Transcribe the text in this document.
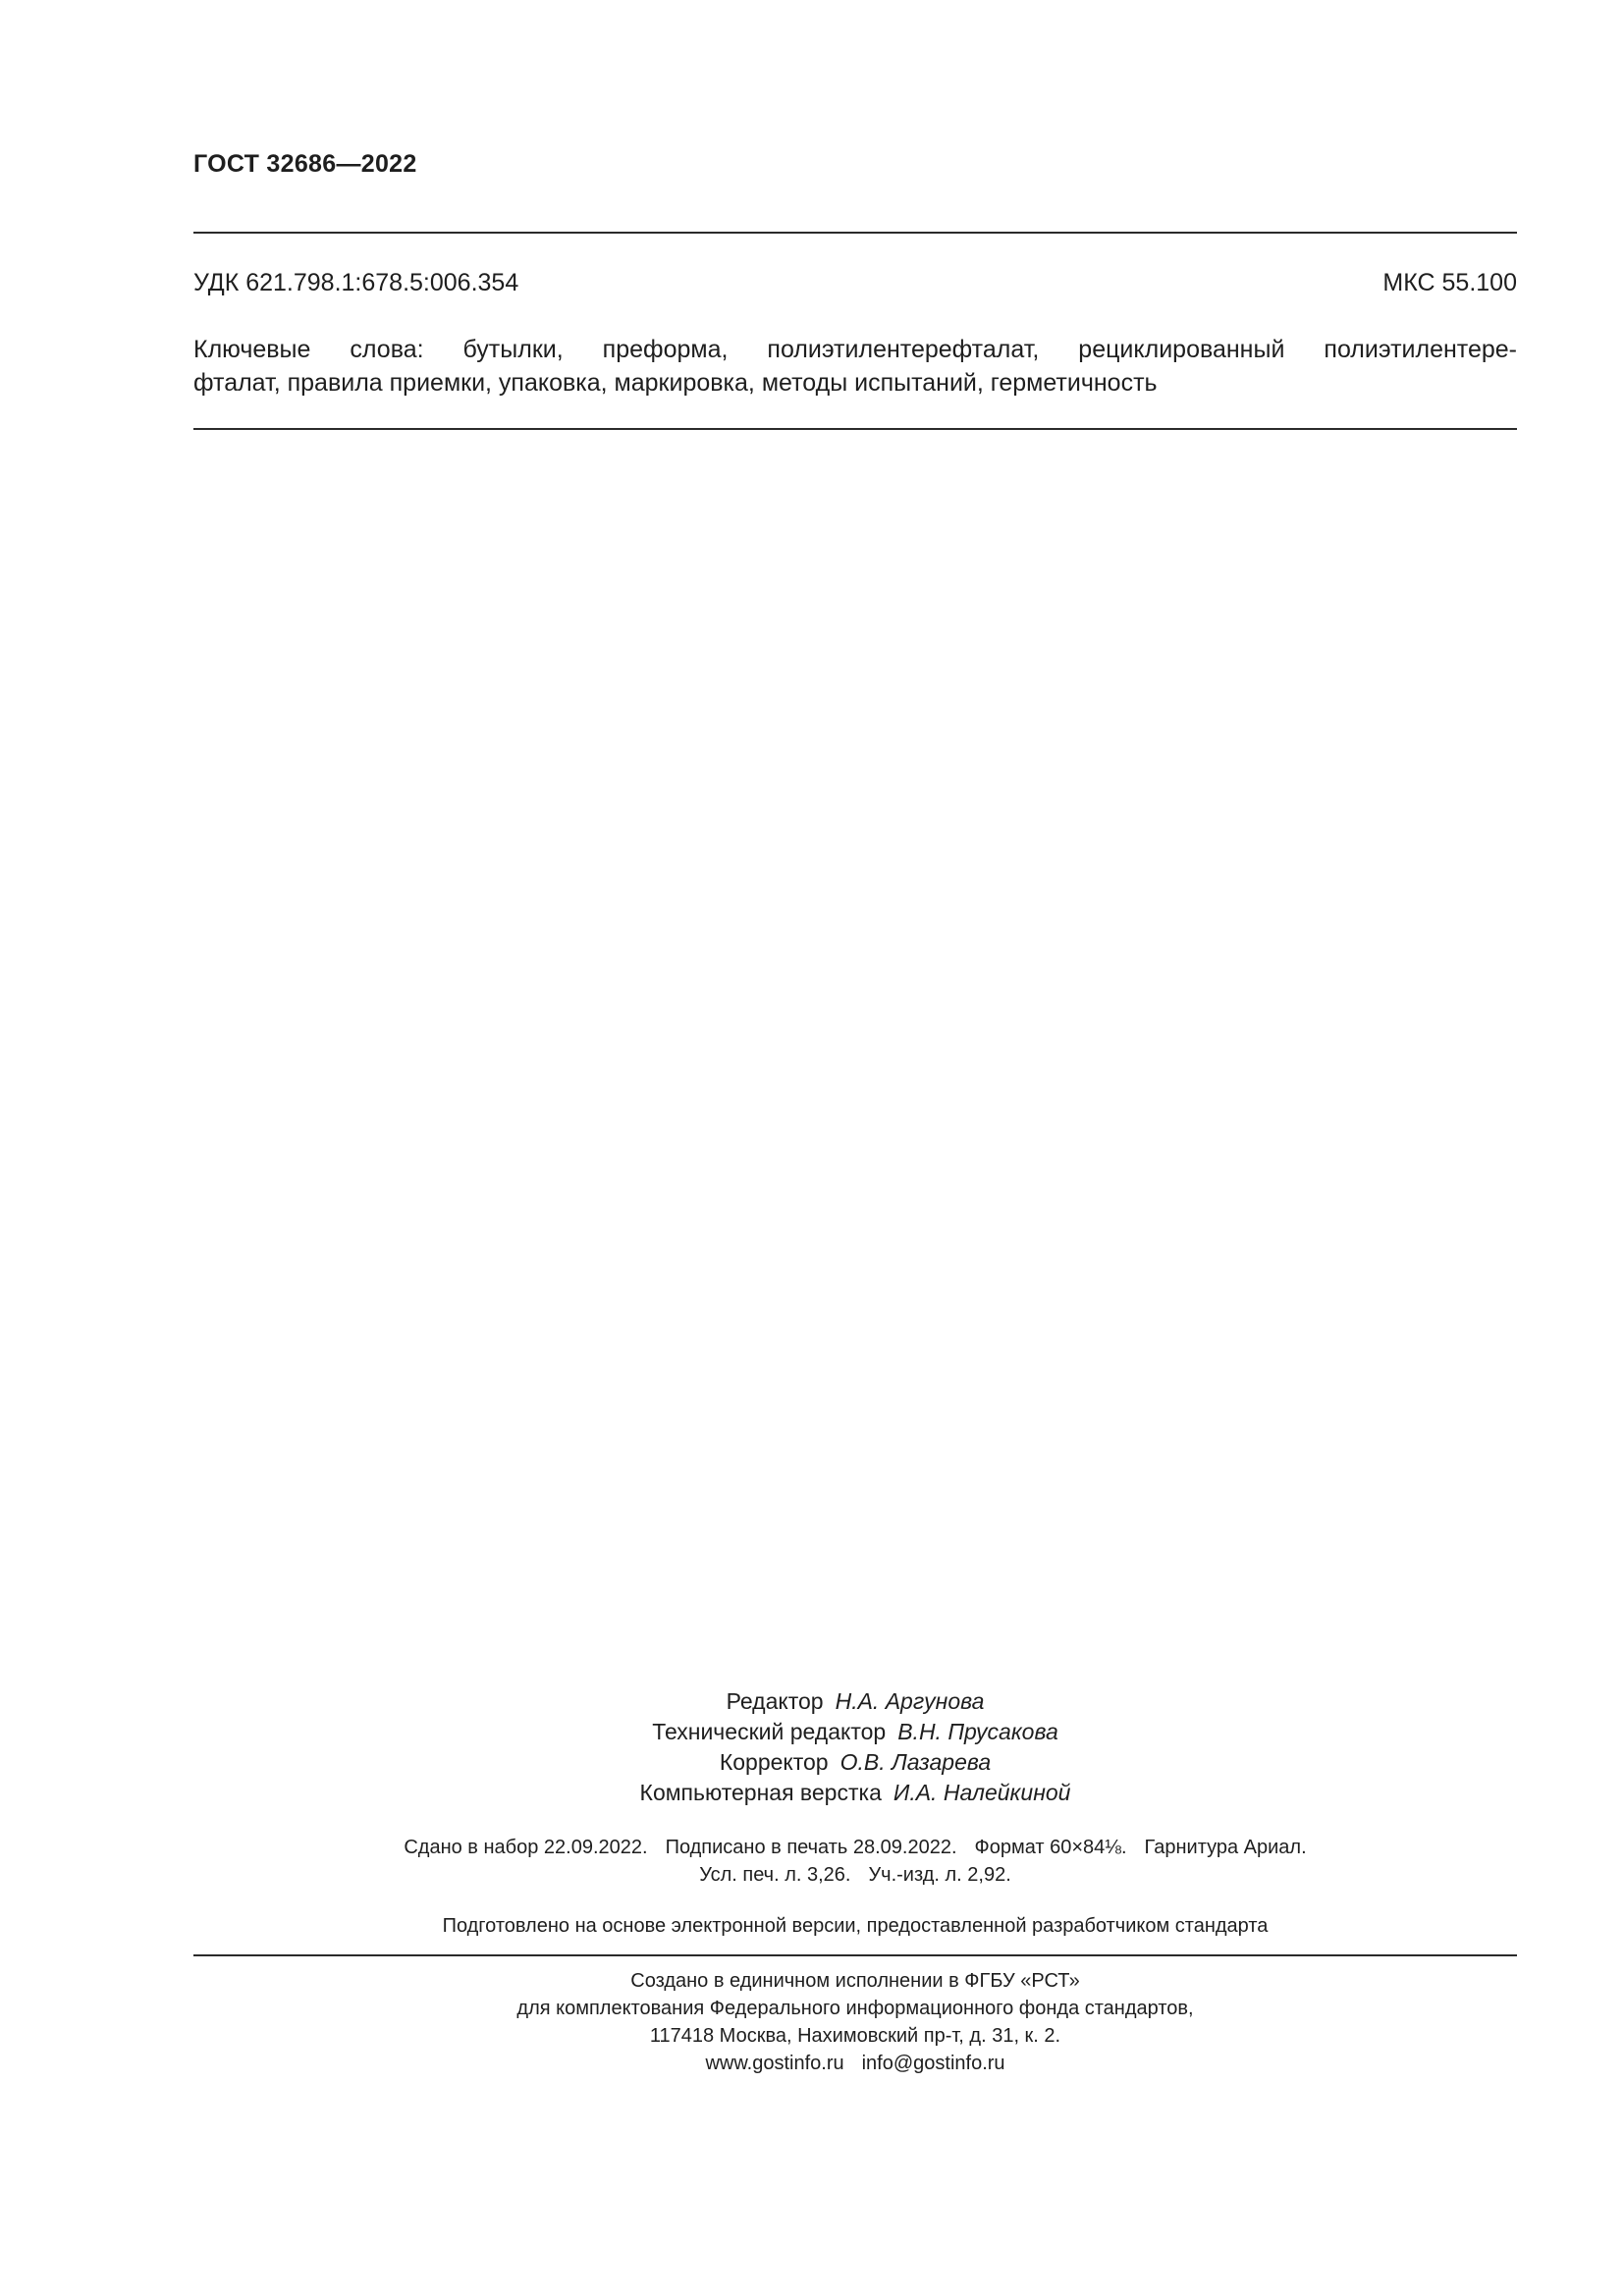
ГОСТ 32686—2022
УДК 621.798.1:678.5:006.354	МКС 55.100
Ключевые слова: бутылки, преформа, полиэтилентерефталат, рециклированный полиэтилентере-
фталат, правила приемки, упаковка, маркировка, методы испытаний, герметичность
Редактор Н.А. Аргунова
Технический редактор В.Н. Прусакова
Корректор О.В. Лазарева
Компьютерная верстка И.А. Налейкиной
Сдано в набор 22.09.2022. Подписано в печать 28.09.2022. Формат 60×84⅛. Гарнитура Ариал.
Усл. печ. л. 3,26. Уч.-изд. л. 2,92.
Подготовлено на основе электронной версии, предоставленной разработчиком стандарта
Создано в единичном исполнении в ФГБУ «РСТ»
для комплектования Федерального информационного фонда стандартов,
117418 Москва, Нахимовский пр-т, д. 31, к. 2.
www.gostinfo.ru info@gostinfo.ru
